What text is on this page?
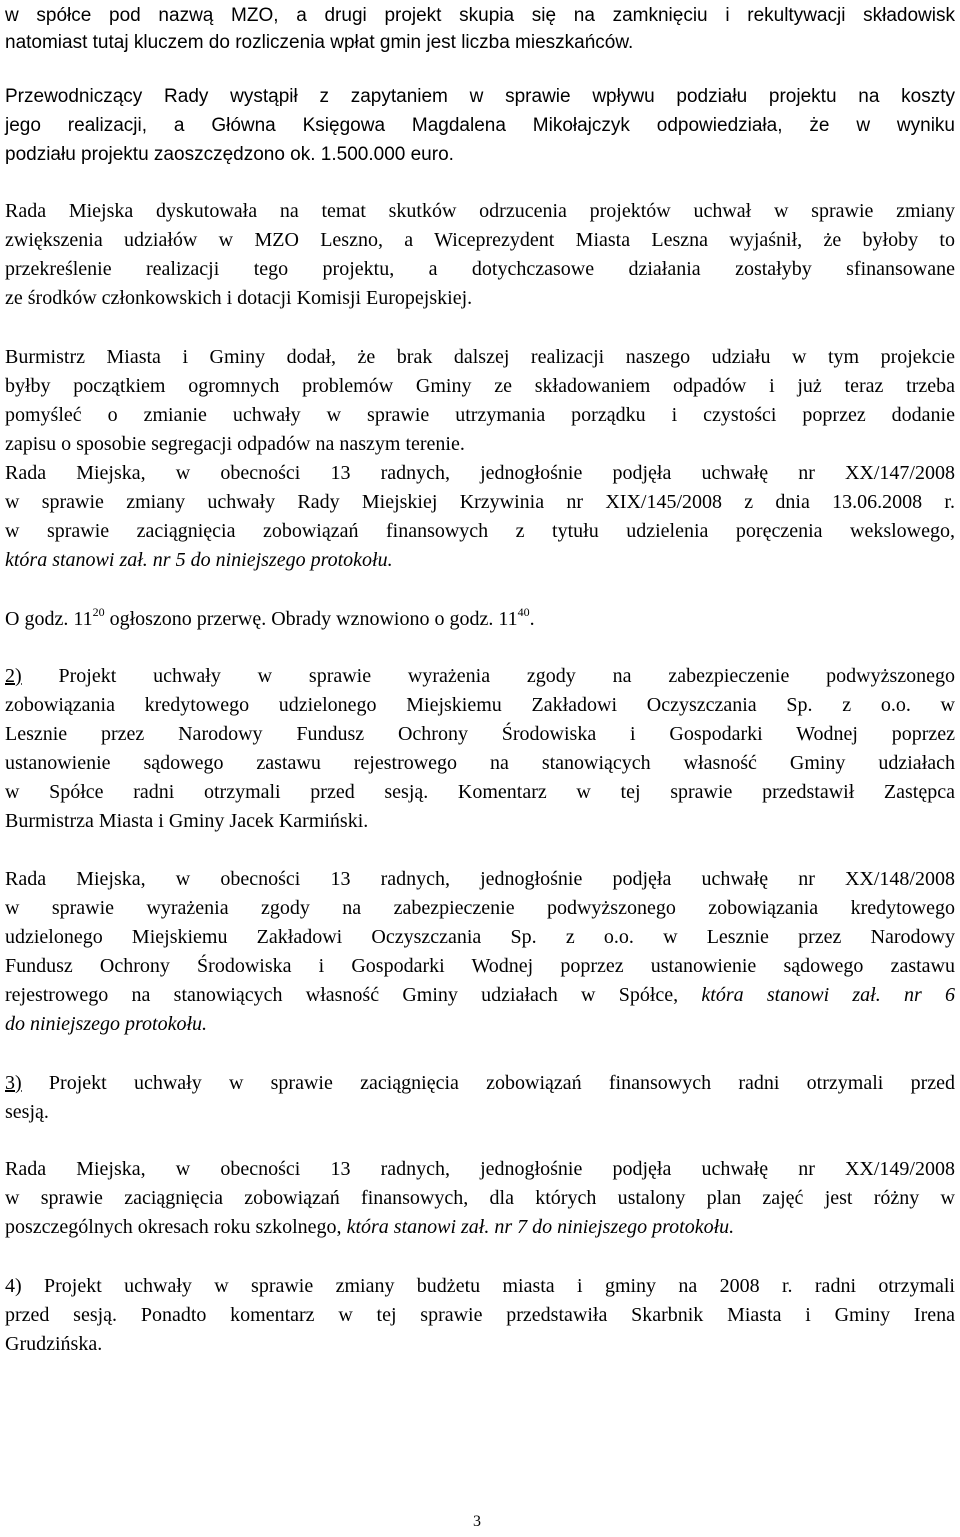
w spółce pod nazwą MZO, a drugi projekt skupia się na zamknięciu i rekultywacji składowisk
natomiast tutaj kluczem do rozliczenia wpłat gmin jest liczba mieszkańców.
Przewodniczący Rady wystąpił z zapytaniem w sprawie wpływu podziału projektu na koszty
jego realizacji, a Główna Księgowa Magdalena Mikołajczyk odpowiedziała, że w wyniku
podziału projektu zaoszczędzono ok. 1.500.000 euro.
Rada Miejska dyskutowała na temat skutków odrzucenia projektów uchwał w sprawie zmiany
zwiększenia udziałów w MZO Leszno, a Wiceprezydent Miasta Leszna wyjaśnił, że byłoby to
przekreślenie realizacji tego projektu, a dotychczasowe działania zostałyby sfinansowane
ze środków członkowskich i dotacji Komisji Europejskiej.
Burmistrz Miasta i Gminy dodał, że brak dalszej realizacji naszego udziału w tym projekcie
byłby początkiem ogromnych problemów Gminy ze składowaniem odpadów i już teraz trzeba
pomyśleć o zmianie uchwały w sprawie utrzymania porządku i czystości poprzez dodanie
zapisu o sposobie segregacji odpadów na naszym terenie.
Rada Miejska, w obecności 13 radnych, jednogłośnie podjęła uchwałę nr XX/147/2008
w sprawie zmiany uchwały Rady Miejskiej Krzywinia nr XIX/145/2008 z dnia 13.06.2008 r.
w sprawie zaciągnięcia zobowiązań finansowych z tytułu udzielenia poręczenia wekslowego,
która stanowi zał. nr 5 do niniejszego protokołu.
O godz. $11^{20}$ ogłoszono przerwę. Obrady wznowiono o godz. $11^{40}$.
2) Projekt uchwały w sprawie wyrażenia zgody na zabezpieczenie podwyższonego
zobowiązania kredytowego udzielonego Miejskiemu Zakładowi Oczyszczania Sp. z o.o. w
Lesznie przez Narodowy Fundusz Ochrony Środowiska i Gospodarki Wodnej poprzez
ustanowienie sądowego zastawu rejestrowego na stanowiących własność Gminy udziałach
w Spółce radni otrzymali przed sesją. Komentarz w tej sprawie przedstawił Zastępca
Burmistrza Miasta i Gminy Jacek Karmiński.
Rada Miejska, w obecności 13 radnych, jednogłośnie podjęła uchwałę nr XX/148/2008
w sprawie wyrażenia zgody na zabezpieczenie podwyższonego zobowiązania kredytowego
udzielonego Miejskiemu Zakładowi Oczyszczania Sp. z o.o. w Lesznie przez Narodowy
Fundusz Ochrony Środowiska i Gospodarki Wodnej poprzez ustanowienie sądowego zastawu
rejestrowego na stanowiących własność Gminy udziałach w Spółce, która stanowi zał. nr 6
do niniejszego protokołu.
3) Projekt uchwały w sprawie zaciągnięcia zobowiązań finansowych radni otrzymali przed
sesją.
Rada Miejska, w obecności 13 radnych, jednogłośnie podjęła uchwałę nr XX/149/2008
w sprawie zaciągnięcia zobowiązań finansowych, dla których ustalony plan zajęć jest różny w
poszczególnych okresach roku szkolnego, która stanowi zał. nr 7 do niniejszego protokołu.
4) Projekt uchwały w sprawie zmiany budżetu miasta i gminy na 2008 r. radni otrzymali
przed sesją. Ponadto komentarz w tej sprawie przedstawiła Skarbnik Miasta i Gminy Irena
Grudzińska.
3
